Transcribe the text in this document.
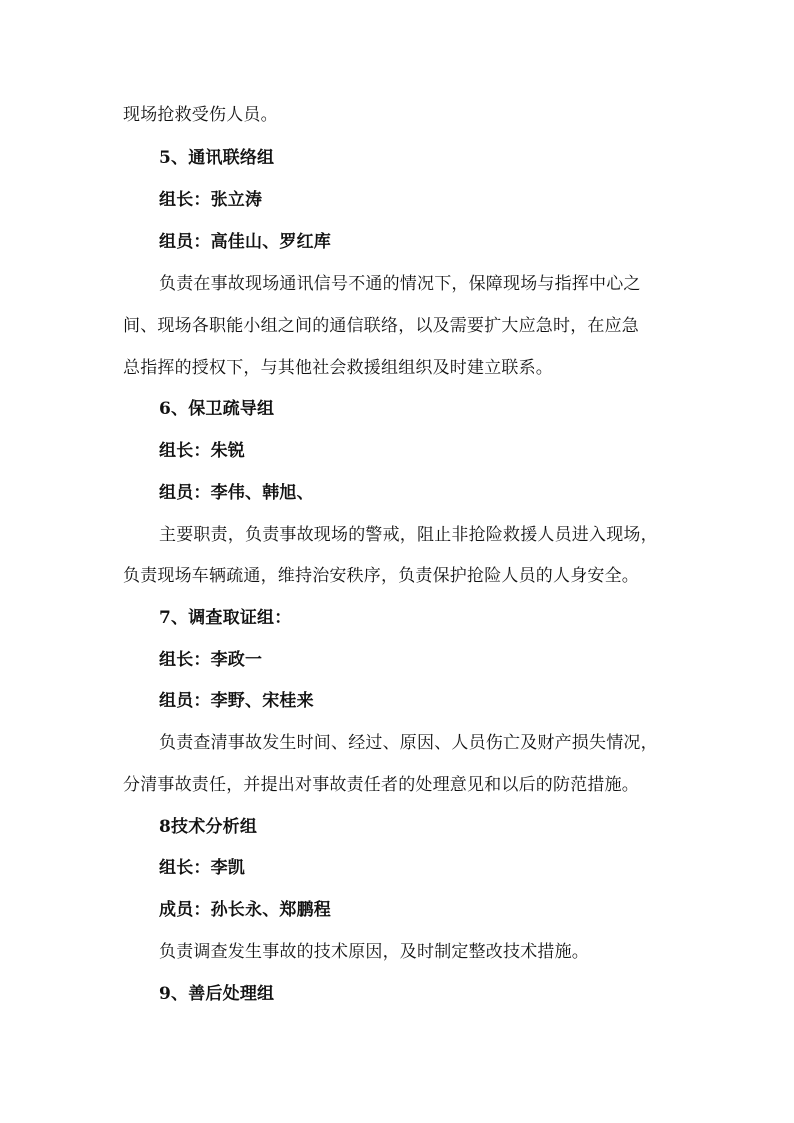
现场抢救受伤人员。
5、通讯联络组
组长：张立涛
组员：高佳山、罗红库
负责在事故现场通讯信号不通的情况下，保障现场与指挥中心之
间、现场各职能小组之间的通信联络，以及需要扩大应急时，在应急
总指挥的授权下，与其他社会救援组组织及时建立联系。
6、保卫疏导组
组长：朱锐
组员：李伟、韩旭、
主要职责，负责事故现场的警戒，阻止非抢险救援人员进入现场，
负责现场车辆疏通，维持治安秩序，负责保护抢险人员的人身安全。
7、调查取证组：
组长：李政一
组员：李野、宋桂来
负责查清事故发生时间、经过、原因、人员伤亡及财产损失情况，
分清事故责任，并提出对事故责任者的处理意见和以后的防范措施。
8技术分析组
组长：李凯
成员：孙长永、郑鹏程
负责调查发生事故的技术原因，及时制定整改技术措施。
9、善后处理组
